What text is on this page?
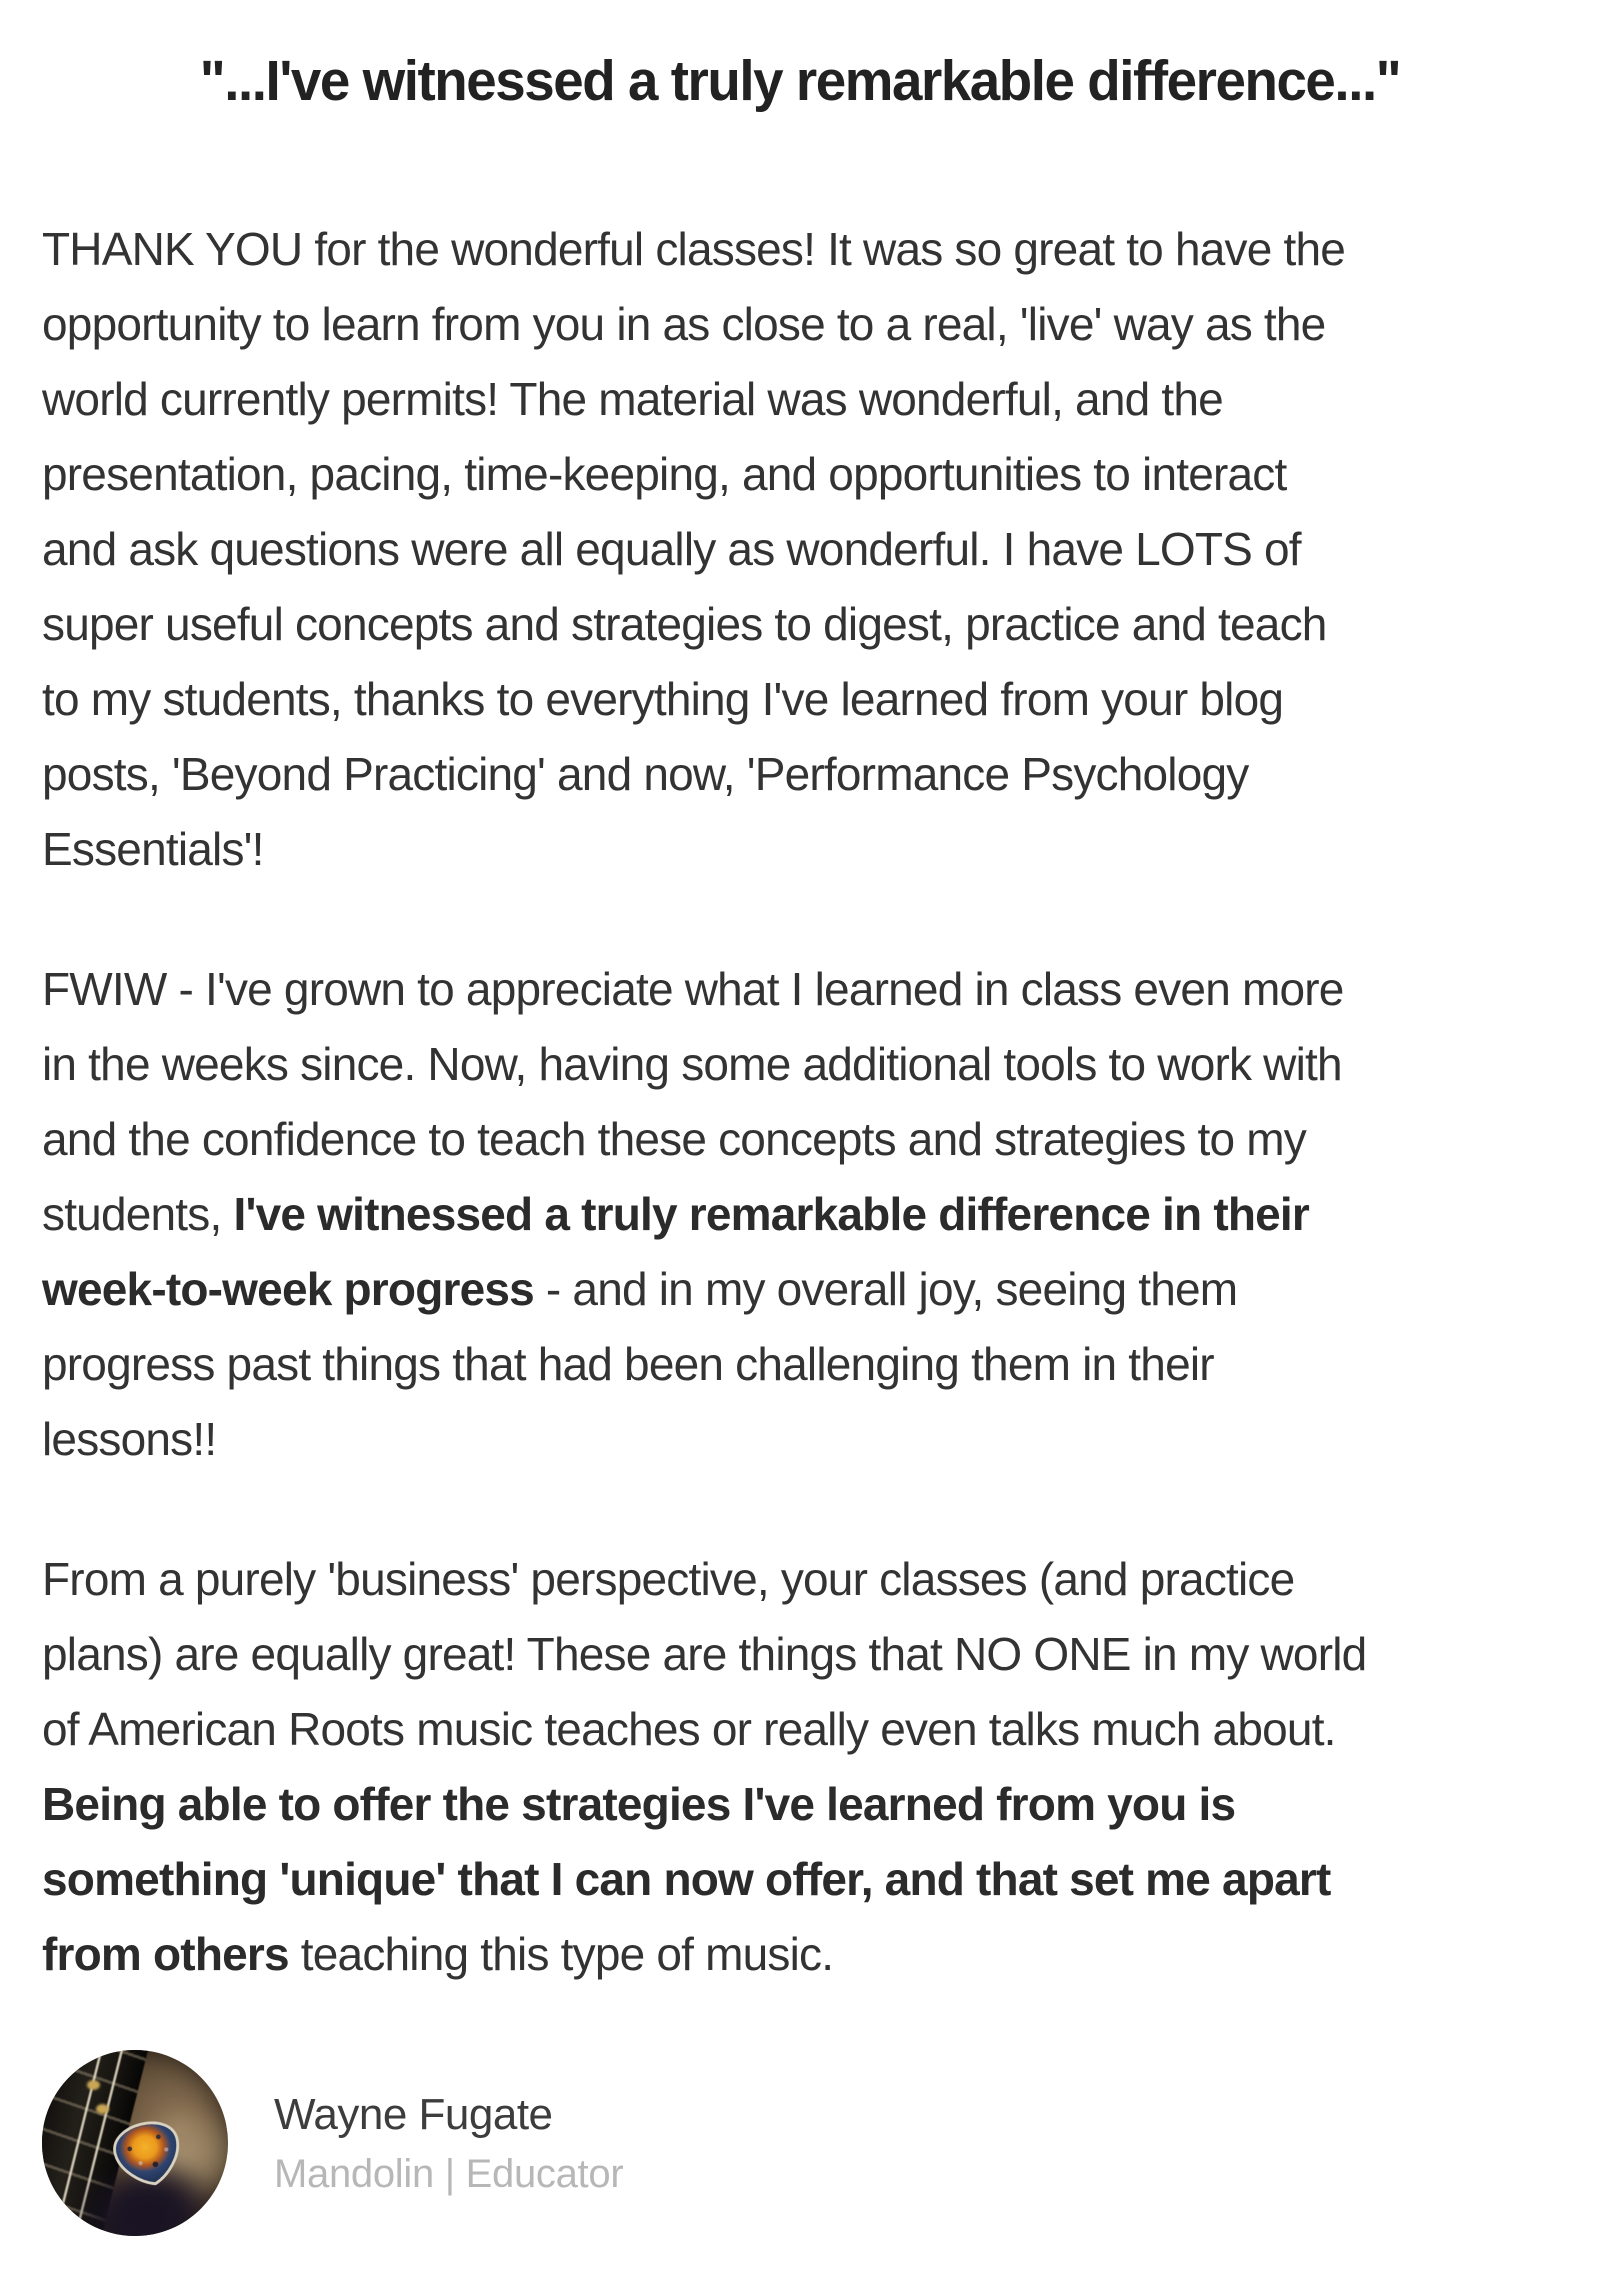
"...I've witnessed a truly remarkable difference..."
THANK YOU for the wonderful classes! It was so great to have the
opportunity to learn from you in as close to a real, 'live' way as the
world currently permits! The material was wonderful, and the
presentation, pacing, time-keeping, and opportunities to interact
and ask questions were all equally as wonderful. I have LOTS of
super useful concepts and strategies to digest, practice and teach
to my students, thanks to everything I've learned from your blog
posts, 'Beyond Practicing' and now, 'Performance Psychology
Essentials'!
FWIW - I've grown to appreciate what I learned in class even more
in the weeks since. Now, having some additional tools to work with
and the confidence to teach these concepts and strategies to my
students, I've witnessed a truly remarkable difference in their
week-to-week progress - and in my overall joy, seeing them
progress past things that had been challenging them in their
lessons!!
From a purely 'business' perspective, your classes (and practice
plans) are equally great! These are things that NO ONE in my world
of American Roots music teaches or really even talks much about.
Being able to offer the strategies I've learned from you is
something 'unique' that I can now offer, and that set me apart
from others teaching this type of music.
Wayne Fugate
Mandolin | Educator
